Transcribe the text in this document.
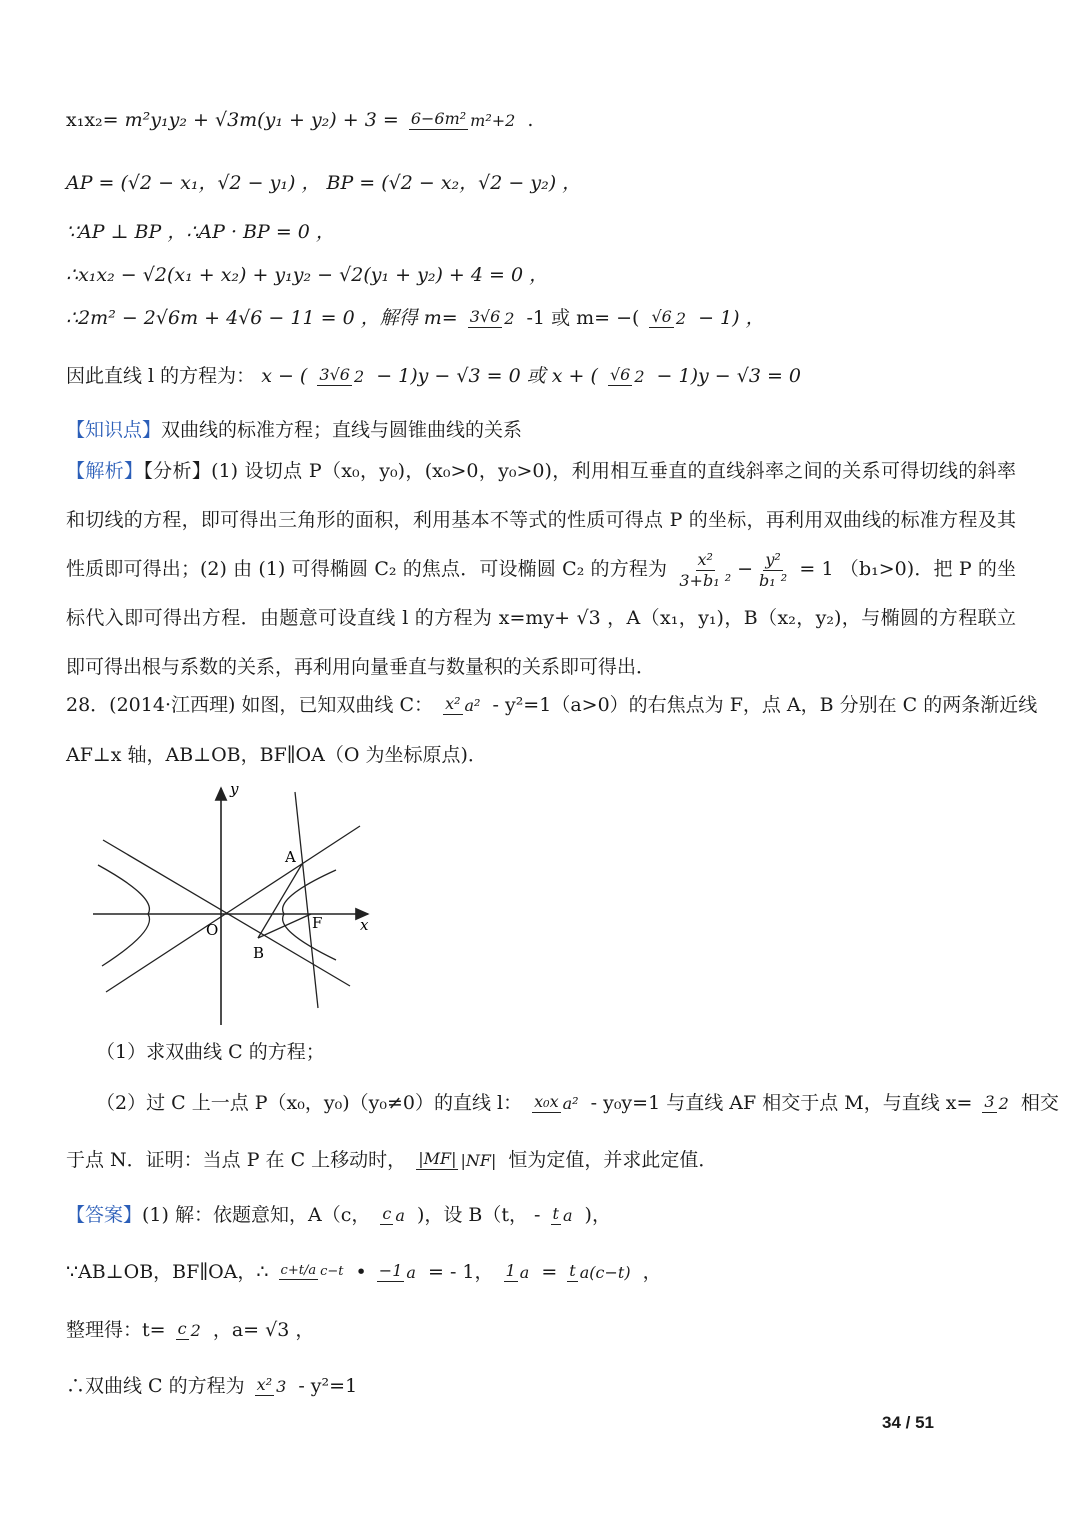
x₁x₂= m²y₁y₂ + √3m(y₁ + y₂) + 3 = 6−6m² m²+2 .
AP = (√2 − x₁，√2 − y₁) ， BP = (√2 − x₂，√2 − y₂) ，
∵AP ⊥ BP ，∴AP · BP = 0 ，
∴x₁x₂ − √2(x₁ + x₂) + y₁y₂ − √2(y₁ + y₂) + 4 = 0 ，
∴2m² − 2√6m + 4√6 − 11 = 0 ，解得 m= 3√6 2 -1 或 m= −( √6 2 − 1) ，
因此直线 l 的方程为： x − ( 3√6 2 − 1)y − √3 = 0 或 x + ( √6 2 − 1)y − √3 = 0
【知识点】双曲线的标准方程；直线与圆锥曲线的关系
【解析】【分析】(1) 设切点 P（x₀，y₀)，(x₀>0，y₀>0)，利用相互垂直的直线斜率之间的关系可得切线的斜率和切线的方程，即可得出三角形的面积，利用基本不等式的性质可得点 P 的坐标，再利用双曲线的标准方程及其性质即可得出；(2) 由 (1) 可得椭圆 C₂ 的焦点．可设椭圆 C₂ 的方程为 $\frac{\text{x²}}{\text{3+b₁ ²}} - \frac{\text{y²}}{\text{b₁ ²}} = 1$ （b₁>0)．把 P 的坐标代入即可得出方程．由题意可设直线 l 的方程为 x=my+ √3 ，A（x₁，y₁)，B（x₂，y₂)，与椭圆的方程联立即可得出根与系数的关系，再利用向量垂直与数量积的关系即可得出．
28．(2014·江西理) 如图，已知双曲线 C： x² a² - y²=1（a>0）的右焦点为 F，点 A，B 分别在 C 的两条渐近线
AF⊥x 轴，AB⊥OB，BF∥OA（O 为坐标原点)．
y
x
O
A
B
F
（1）求双曲线 C 的方程；
（2）过 C 上一点 P（x₀，y₀)（y₀≠0）的直线 l： x₀x a² - y₀y=1 与直线 AF 相交于点 M，与直线 x= 3 2 相交
于点 N．证明：当点 P 在 C 上移动时， |MF| |NF| 恒为定值，并求此定值．
【答案】(1) 解：依题意知，A（c， c a )，设 B（t， - t a )，
∵AB⊥OB，BF∥OA，∴ c+t/a c−t • −1 a = - 1， 1 a = t a(c−t) ，
整理得：t= c 2 ，a= √3 ，
∴双曲线 C 的方程为 x² 3 - y²=1
34 / 51
